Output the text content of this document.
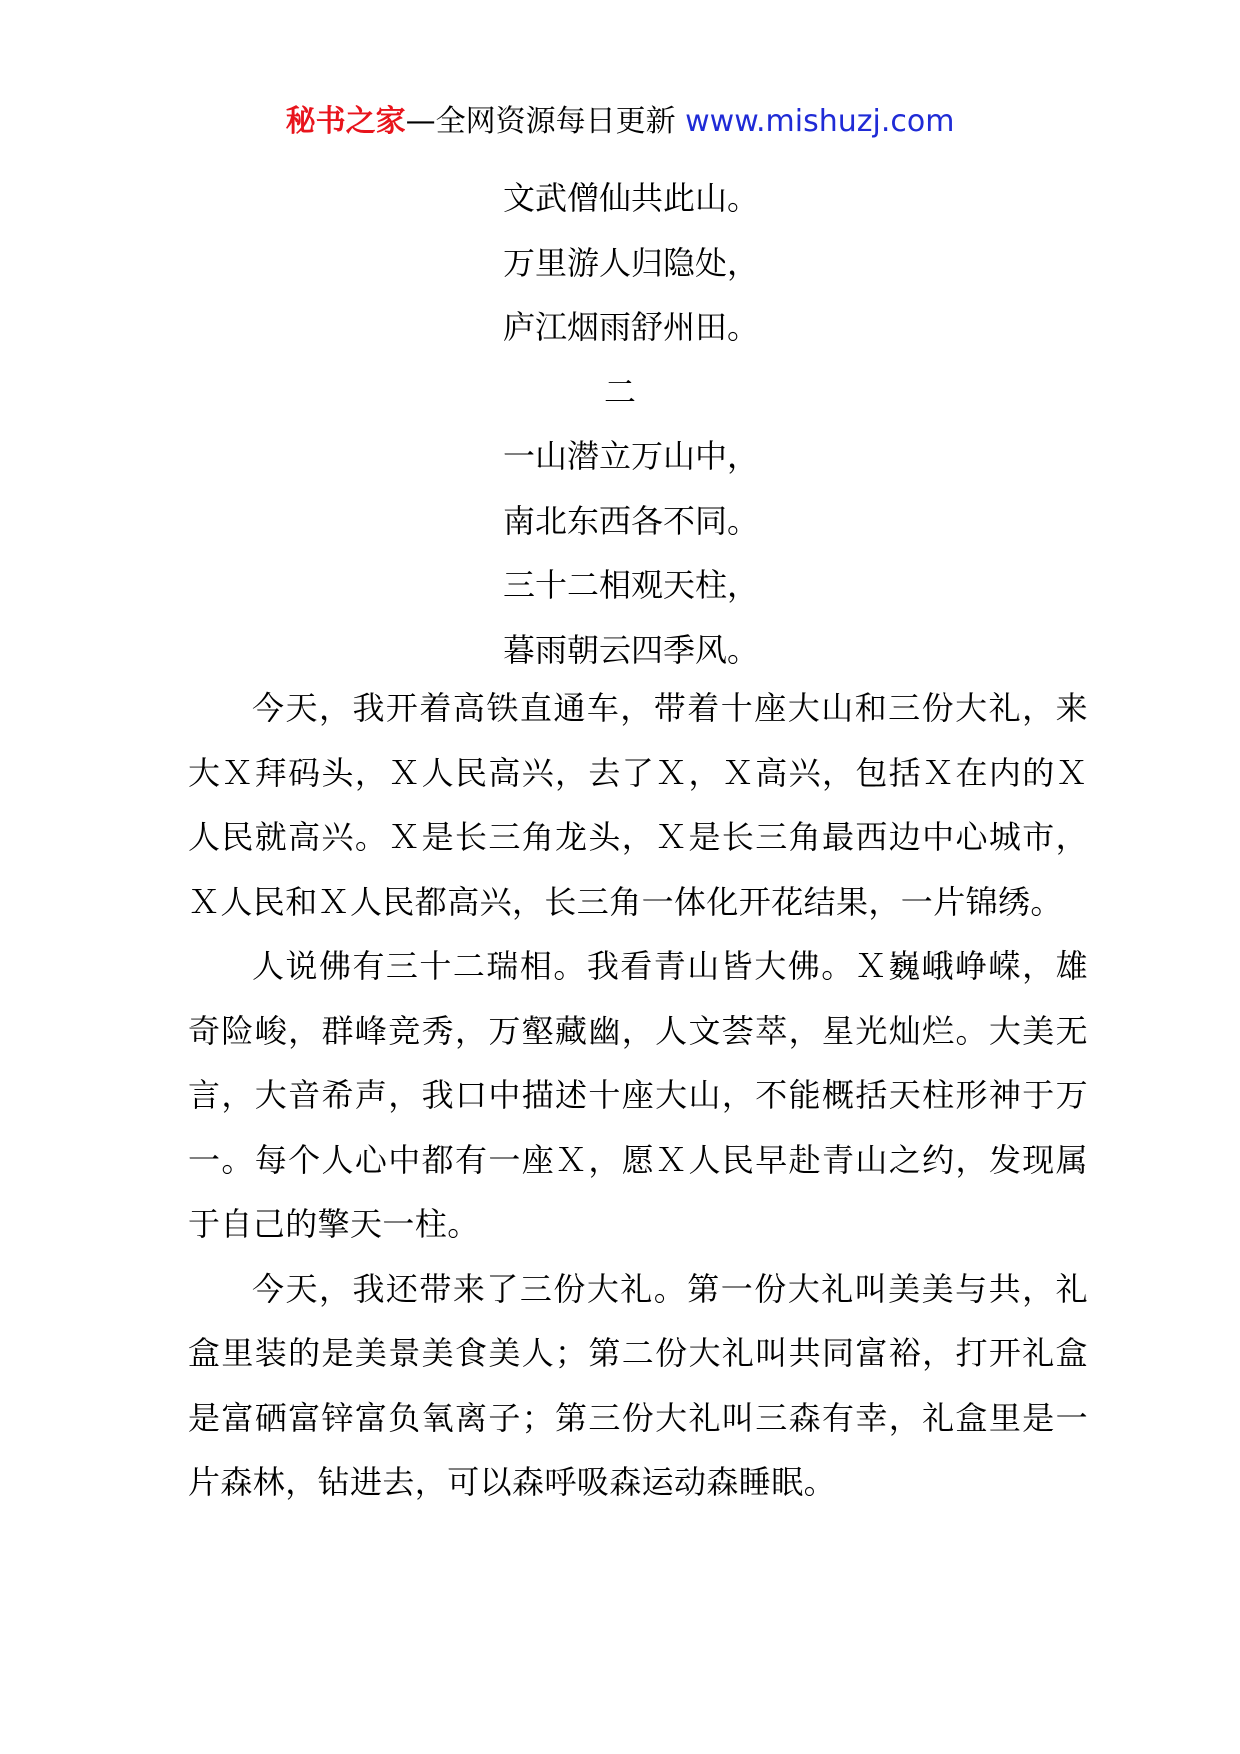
秘书之家—全网资源每日更新 www.mishuzj.com
文武僧仙共此山。
万里游人归隐处，
庐江烟雨舒州田。
二
一山潜立万山中，
南北东西各不同。
三十二相观天柱，
暮雨朝云四季风。

今天，我开着高铁直通车，带着十座大山和三份大礼，来大Ｘ拜码头，Ｘ人民高兴，去了Ｘ，Ｘ高兴，包括Ｘ在内的Ｘ人民就高兴。Ｘ是长三角龙头，Ｘ是长三角最西边中心城市，Ｘ人民和Ｘ人民都高兴，长三角一体化开花结果，一片锦绣。

人说佛有三十二瑞相。我看青山皆大佛。Ｘ巍峨峥嵘，雄奇险峻，群峰竞秀，万壑藏幽，人文荟萃，星光灿烂。大美无言，大音希声，我口中描述十座大山，不能概括天柱形神于万一。每个人心中都有一座Ｘ，愿Ｘ人民早赴青山之约，发现属于自己的擎天一柱。

今天，我还带来了三份大礼。第一份大礼叫美美与共，礼盒里装的是美景美食美人；第二份大礼叫共同富裕，打开礼盒是富硒富锌富负氧离子；第三份大礼叫三森有幸，礼盒里是一片森林，钻进去，可以森呼吸森运动森睡眠。
